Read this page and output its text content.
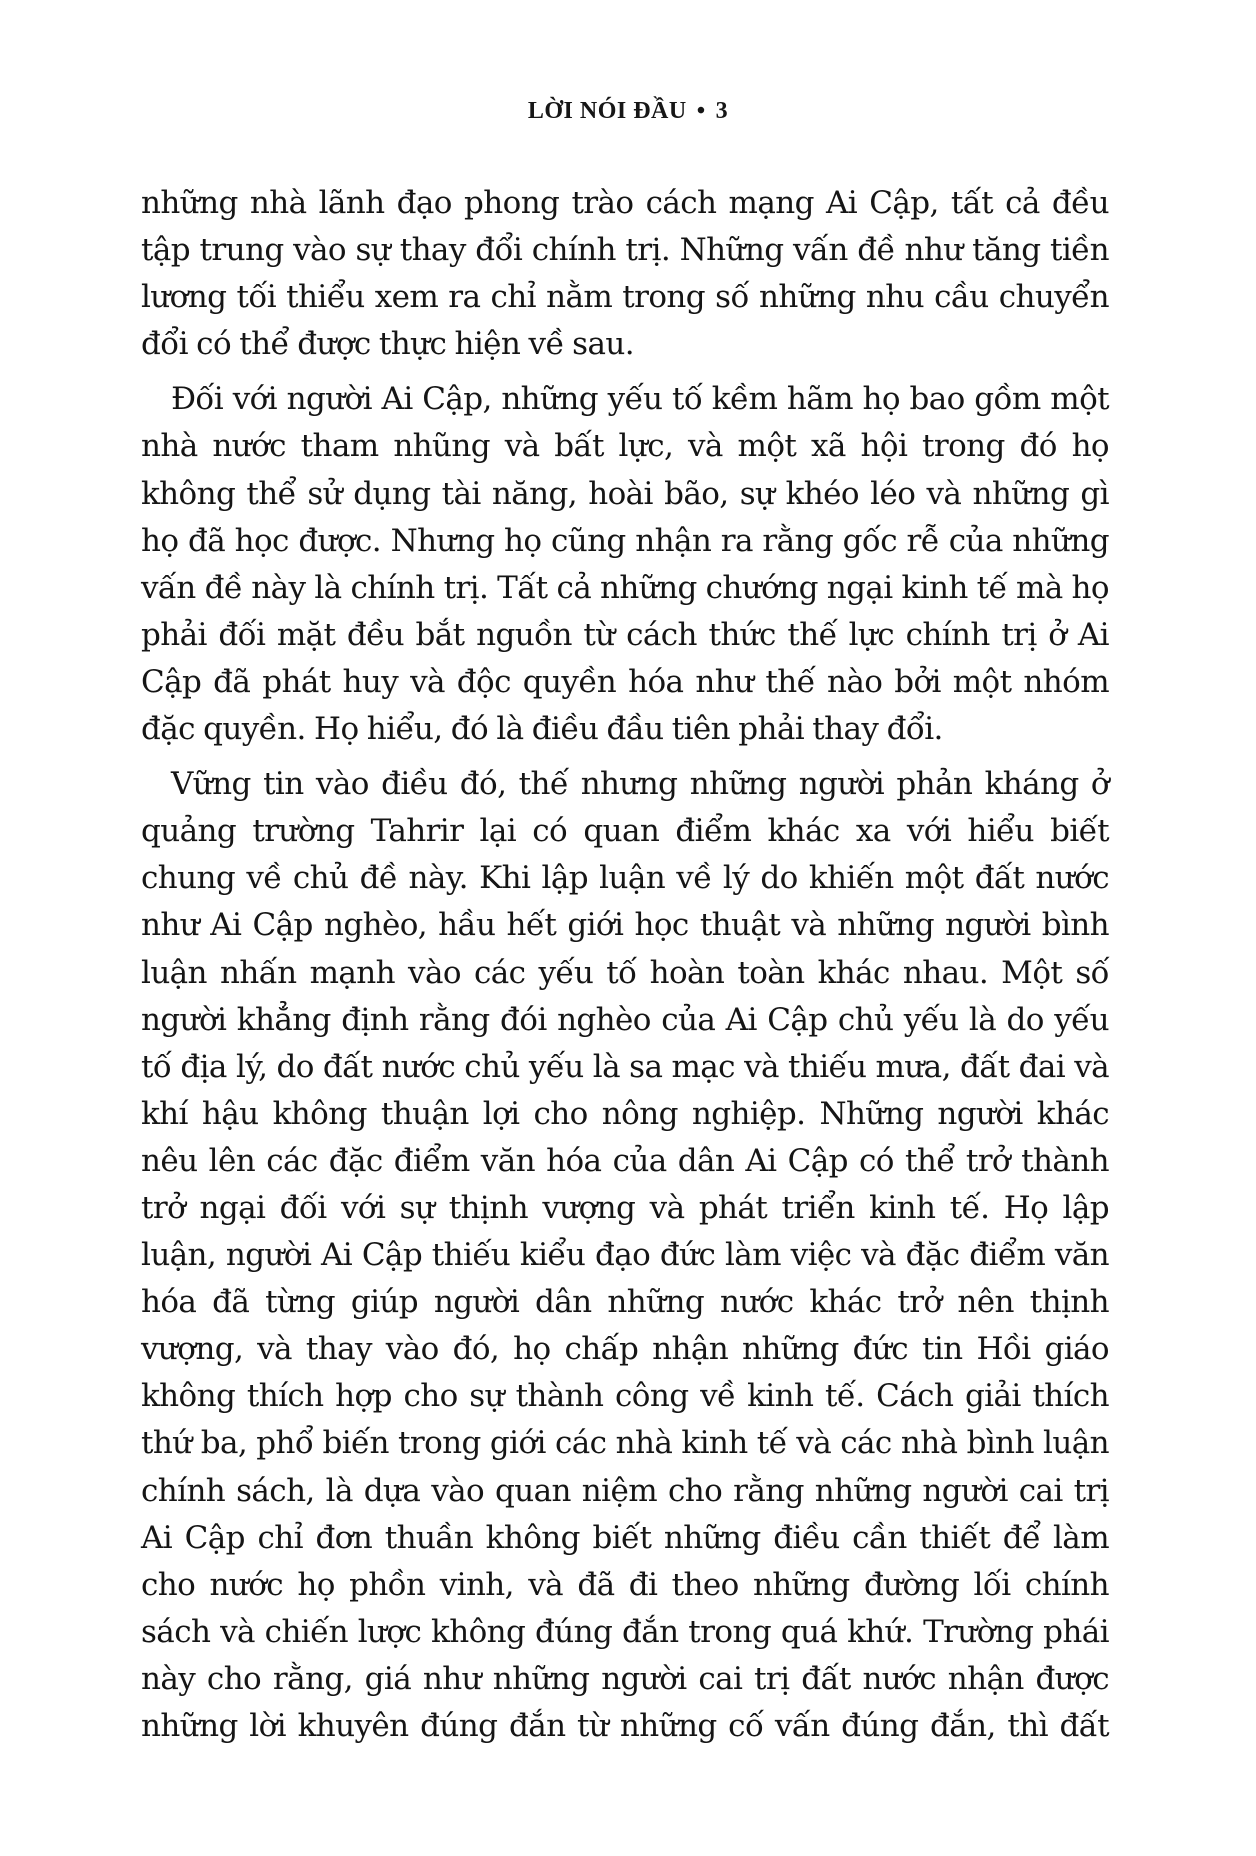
LỜI NÓI ĐẦU • 3

những nhà lãnh đạo phong trào cách mạng Ai Cập, tất cả đều tập trung vào sự thay đổi chính trị. Những vấn đề như tăng tiền lương tối thiểu xem ra chỉ nằm trong số những nhu cầu chuyển đổi có thể được thực hiện về sau.

Đối với người Ai Cập, những yếu tố kềm hãm họ bao gồm một nhà nước tham nhũng và bất lực, và một xã hội trong đó họ không thể sử dụng tài năng, hoài bão, sự khéo léo và những gì họ đã học được. Nhưng họ cũng nhận ra rằng gốc rễ của những vấn đề này là chính trị. Tất cả những chướng ngại kinh tế mà họ phải đối mặt đều bắt nguồn từ cách thức thế lực chính trị ở Ai Cập đã phát huy và độc quyền hóa như thế nào bởi một nhóm đặc quyền. Họ hiểu, đó là điều đầu tiên phải thay đổi.

Vững tin vào điều đó, thế nhưng những người phản kháng ở quảng trường Tahrir lại có quan điểm khác xa với hiểu biết chung về chủ đề này. Khi lập luận về lý do khiến một đất nước như Ai Cập nghèo, hầu hết giới học thuật và những người bình luận nhấn mạnh vào các yếu tố hoàn toàn khác nhau. Một số người khẳng định rằng đói nghèo của Ai Cập chủ yếu là do yếu tố địa lý, do đất nước chủ yếu là sa mạc và thiếu mưa, đất đai và khí hậu không thuận lợi cho nông nghiệp. Những người khác nêu lên các đặc điểm văn hóa của dân Ai Cập có thể trở thành trở ngại đối với sự thịnh vượng và phát triển kinh tế. Họ lập luận, người Ai Cập thiếu kiểu đạo đức làm việc và đặc điểm văn hóa đã từng giúp người dân những nước khác trở nên thịnh vượng, và thay vào đó, họ chấp nhận những đức tin Hồi giáo không thích hợp cho sự thành công về kinh tế. Cách giải thích thứ ba, phổ biến trong giới các nhà kinh tế và các nhà bình luận chính sách, là dựa vào quan niệm cho rằng những người cai trị Ai Cập chỉ đơn thuần không biết những điều cần thiết để làm cho nước họ phồn vinh, và đã đi theo những đường lối chính sách và chiến lược không đúng đắn trong quá khứ. Trường phái này cho rằng, giá như những người cai trị đất nước nhận được những lời khuyên đúng đắn từ những cố vấn đúng đắn, thì đất
